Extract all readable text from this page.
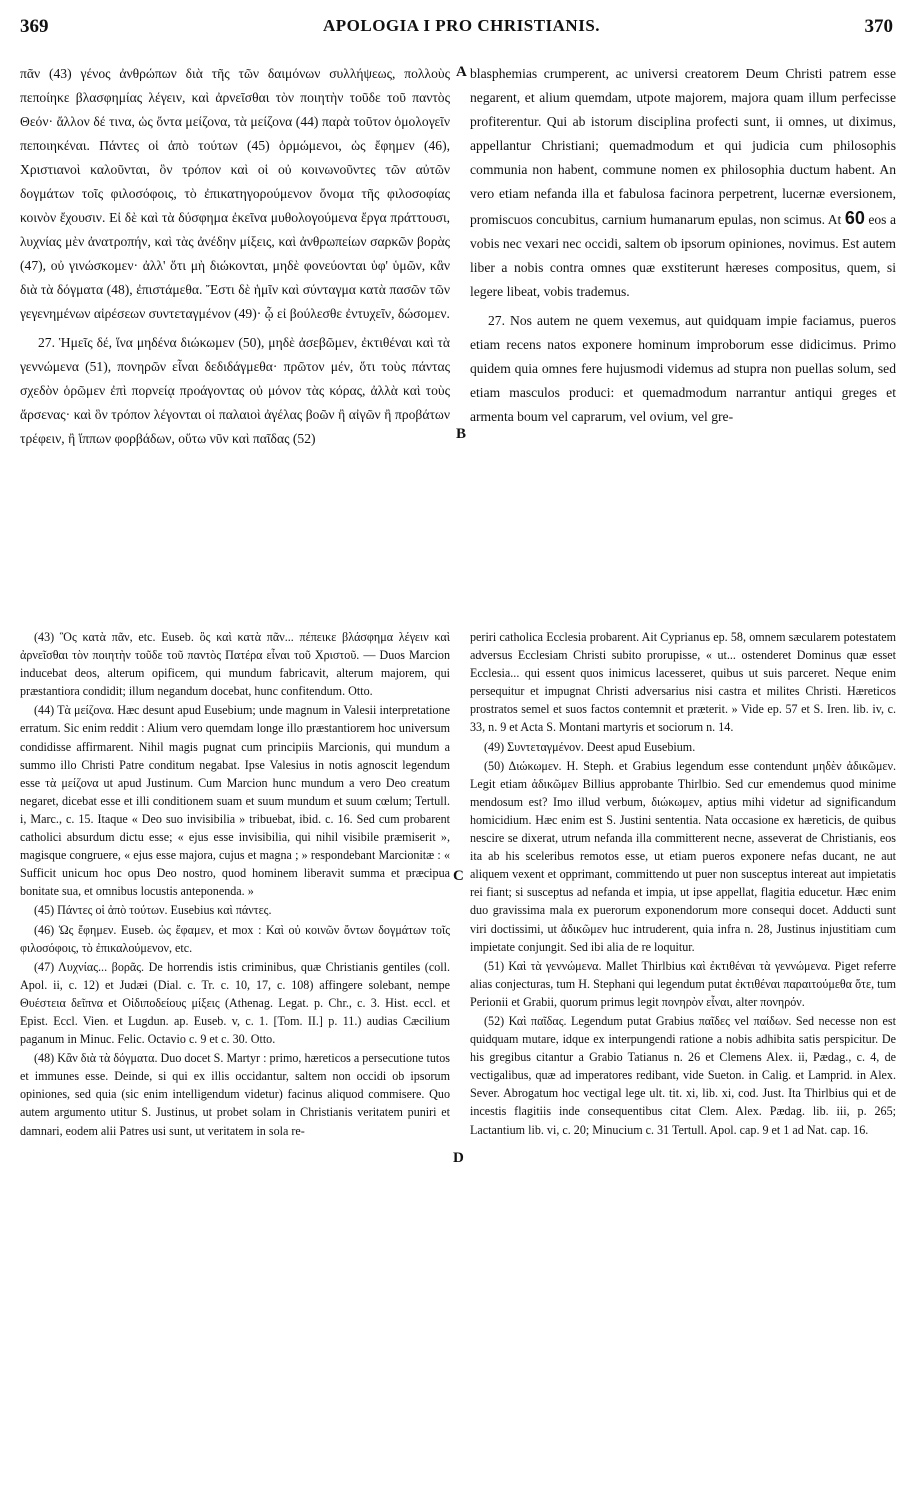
369	APOLOGIA I PRO CHRISTIANIS.	370
A
B
C
D

πᾶν (43) γένος ἀνθρώπων διὰ τῆς τῶν δαιμόνων συλλήψεως, πολλοὺς πεποίηκε βλασφημίας λέγειν, καὶ ἀρνεῖσθαι τὸν ποιητὴν τοῦδε τοῦ παντὸς Θεόν· ἄλλον δέ τινα, ὡς ὄντα μείζονα, τὰ μείζονα (44) παρὰ τοῦτον ὁμολογεῖν πεποιηκέναι. Πάντες οἱ ἀπὸ τούτων (45) ὁρμώμενοι, ὡς ἔφημεν (46), Χριστιανοὶ καλοῦνται, ὃν τρόπον καὶ οἱ οὐ κοινωνοῦντες τῶν αὐτῶν δογμάτων τοῖς φιλοσόφοις, τὸ ἐπικατηγορούμενον ὄνομα τῆς φιλοσοφίας κοινὸν ἔχουσιν. Εἰ δὲ καὶ τὰ δύσφημα ἐκεῖνα μυθολογούμενα ἔργα πράττουσι, λυχνίας μὲν ἀνατροπήν, καὶ τὰς ἀνέδην μίξεις, καὶ ἀνθρωπείων σαρκῶν βορὰς (47), οὐ γινώσκομεν· ἀλλ' ὅτι μὴ διώκονται, μηδὲ φονεύονται ὑφ' ὑμῶν, κἂν διὰ τὰ δόγματα (48), ἐπιστάμεθα. Ἔστι δὲ ἡμῖν καὶ σύνταγμα κατὰ πασῶν τῶν γεγενημένων αἱρέσεων συντεταγμένον (49)· ᾧ εἰ βούλεσθε ἐντυχεῖν, δώσομεν.

27. Ἡμεῖς δέ, ἵνα μηδένα διώκωμεν (50), μηδὲ ἀσεβῶμεν, ἐκτιθέναι καὶ τὰ γεννώμενα (51), πονηρῶν εἶναι δεδιδάγμεθα· πρῶτον μέν, ὅτι τοὺς πάντας σχεδὸν ὁρῶμεν ἐπὶ πορνείᾳ προάγοντας οὐ μόνον τὰς κόρας, ἀλλὰ καὶ τοὺς ἄρσενας· καὶ ὃν τρόπον λέγονται οἱ παλαιοὶ ἀγέλας βοῶν ἢ αἰγῶν ἢ προβάτων τρέφειν, ἢ ἵππων φορβάδων, οὕτω νῦν καὶ παῖδας (52)

blasphemias crumperent, ac universi creatorem Deum Christi patrem esse negarent, et alium quemdam, utpote majorem, majora quam illum perfecisse profiterentur. Qui ab istorum disciplina profecti sunt, ii omnes, ut diximus, appellantur Christiani; quemadmodum et qui judicia cum philosophis communia non habent, commune nomen ex philosophia ductum habent. An vero etiam nefanda illa et fabulosa facinora perpetrent, lucernæ eversionem, promiscuos concubitus, carnium humanarum epulas, non scimus. At 60 eos a vobis nec vexari nec occidi, saltem ob ipsorum opiniones, novimus. Est autem liber a nobis contra omnes quæ exstiterunt hæreses compositus, quem, si legere libeat, vobis trademus.

27. Nos autem ne quem vexemus, aut quidquam impie faciamus, pueros etiam recens natos exponere hominum improborum esse didicimus. Primo quidem quia omnes fere hujusmodi videmus ad stupra non puellas solum, sed etiam masculos produci: et quemadmodum narrantur antiqui greges et armenta boum vel caprarum, vel ovium, vel gre-

(43) Ὃς κατὰ πᾶν, etc. Euseb. ὃς καὶ κατὰ πᾶν... πέπεικε βλάσφημα λέγειν καὶ ἀρνεῖσθαι τὸν ποιητὴν τοῦδε τοῦ παντὸς Πατέρα εἶναι τοῦ Χριστοῦ. — Duos Marcion inducebat deos, alterum opificem, qui mundum fabricavit, alterum majorem, qui præstantiora condidit; illum negandum docebat, hunc confitendum. Otto.

(44) Τὰ μείζονα. Hæc desunt apud Eusebium; unde magnum in Valesii interpretatione erratum. Sic enim reddit : Alium vero quemdam longe illo præstantiorem hoc universum condidisse affirmarent. Nihil magis pugnat cum principiis Marcionis, qui mundum a summo illo Christi Patre conditum negabat. Ipse Valesius in notis agnoscit legendum esse τὰ μείζονα ut apud Justinum. Cum Marcion hunc mundum a vero Deo creatum negaret, dicebat esse et illi conditionem suam et suum mundum et suum cœlum; Tertull. i, Marc., c. 15. Itaque « Deo suo invisibilia » tribuebat, ibid. c. 16. Sed cum probarent catholici absurdum dictu esse; « ejus esse invisibilia, qui nihil visibile præmiserit », magisque congruere, « ejus esse majora, cujus et magna ; » respondebant Marcionitæ : « Sufficit unicum hoc opus Deo nostro, quod hominem liberavit summa et præcipua bonitate sua, et omnibus locustis anteponenda. »

(45) Πάντες οἱ ἀπὸ τούτων. Eusebius καὶ πάντες.

(46) Ὡς ἔφημεν. Euseb. ὡς ἔφαμεν, et mox : Καὶ οὐ κοινῶν ὄντων δογμάτων τοῖς φιλοσόφοις, τὸ ἐπικαλούμενον, etc.

(47) Λυχνίας... βορᾶς. De horrendis istis criminibus, quæ Christianis gentiles (coll. Apol. ii, c. 12) et Judæi (Dial. c. Tr. c. 10, 17, c. 108) affingere solebant, nempe Θυέστεια δεῖπνα et Οἰδιποδείους μίξεις (Athenag. Legat. p. Chr., c. 3. Hist. eccl. et Epist. Eccl. Vien. et Lugdun. ap. Euseb. v, c. 1. [Tom. II.] p. 11.) audias Cæcilium paganum in Minuc. Felic. Octavio c. 9 et c. 30. Otto.

(48) Κἂν διὰ τὰ δόγματα. Duo docet S. Martyr : primo, hæreticos a persecutione tutos et immunes esse. Deinde, si qui ex illis occidantur, saltem non occidi ob ipsorum opiniones, sed quia (sic enim intelligendum videtur) facinus aliquod commisere. Quo autem argumento utitur S. Justinus, ut probet solam in Christianis veritatem puniri et damnari, eodem alii Patres usi sunt, ut veritatem in sola re-

periri catholica Ecclesia probarent. Ait Cyprianus ep. 58, omnem sæcularem potestatem adversus Ecclesiam Christi subito prorupisse, « ut... ostenderet Dominus quæ esset Ecclesia... qui essent quos inimicus lacesseret, quibus ut suis parceret. Neque enim persequitur et impugnat Christi adversarius nisi castra et milites Christi. Hæreticos prostratos semel et suos factos contemnit et præterit. » Vide ep. 57 et S. Iren. lib. iv, c. 33, n. 9 et Acta S. Montani martyris et sociorum n. 14.

(49) Συντεταγμένον. Deest apud Eusebium.

(50) Διώκωμεν. H. Steph. et Grabius legendum esse contendunt μηδὲν ἀδικῶμεν. Legit etiam ἀδικῶμεν Billius approbante Thirlbio. Sed cur emendemus quod minime mendosum est? Imo illud verbum, διώκωμεν, aptius mihi videtur ad significandum homicidium. Hæc enim est S. Justini sententia. Nata occasione ex hæreticis, de quibus nescire se dixerat, utrum nefanda illa committerent necne, asseverat de Christianis, eos ita ab his sceleribus remotos esse, ut etiam pueros exponere nefas ducant, ne aut aliquem vexent et opprimant, committendo ut puer non susceptus intereat aut impietatis rei fiant; si susceptus ad nefanda et impia, ut ipse appellat, flagitia educetur. Hæc enim duo gravissima mala ex puerorum exponendorum more consequi docet. Adducti sunt viri doctissimi, ut ἀδικῶμεν huc intruderent, quia infra n. 28, Justinus injustitiam cum impietate conjungit. Sed ibi alia de re loquitur.

(51) Καὶ τὰ γεννώμενα. Mallet Thirlbius καὶ ἐκτιθέναι τὰ γεννώμενα. Piget referre alias conjecturas, tum H. Stephani qui legendum putat ἐκτιθέναι παραιτούμεθα ὅτε, tum Perionii et Grabii, quorum primus legit πονηρὸν εἶναι, alter πονηρόν.

(52) Καὶ παῖδας. Legendum putat Grabius παῖδες vel παίδων. Sed necesse non est quidquam mutare, idque ex interpungendi ratione a nobis adhibita satis perspicitur. De his gregibus citantur a Grabio Tatianus n. 26 et Clemens Alex. ii, Pædag., c. 4, de vectigalibus, quæ ad imperatores redibant, vide Sueton. in Calig. et Lamprid. in Alex. Sever. Abrogatum hoc vectigal lege ult. tit. xi, lib. xi, cod. Just. Ita Thirlbius qui et de incestis flagitiis inde consequentibus citat Clem. Alex. Pædag. lib. iii, p. 265; Lactantium lib. vi, c. 20; Minucium c. 31 Tertull. Apol. cap. 9 et 1 ad Nat. cap. 16.
